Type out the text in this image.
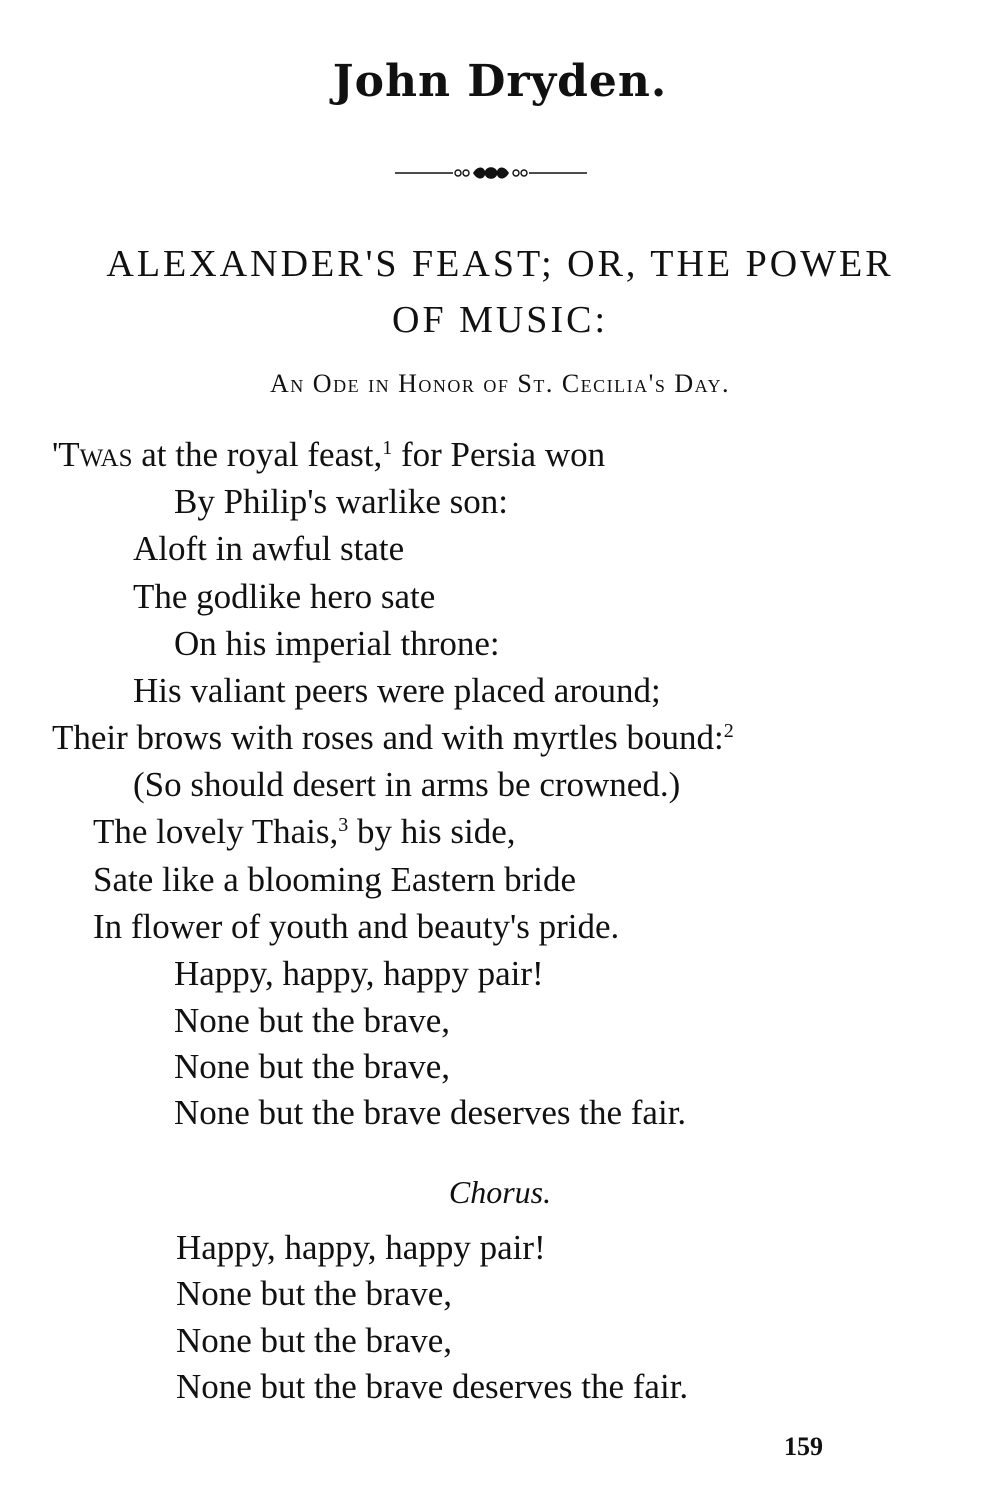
John Dryden.
ALEXANDER'S FEAST; OR, THE POWER
OF MUSIC:
An Ode in Honor of St. Cecilia's Day.
'Twas at the royal feast,$^1$ for Persia won
By Philip's warlike son:
Aloft in awful state
The godlike hero sate
On his imperial throne:
His valiant peers were placed around;
Their brows with roses and with myrtles bound:$^2$
(So should desert in arms be crowned.)
The lovely Thais,$^3$ by his side,
Sate like a blooming Eastern bride
In flower of youth and beauty's pride.
Happy, happy, happy pair!
None but the brave,
None but the brave,
None but the brave deserves the fair.
Chorus.
Happy, happy, happy pair!
None but the brave,
None but the brave,
None but the brave deserves the fair.
159
